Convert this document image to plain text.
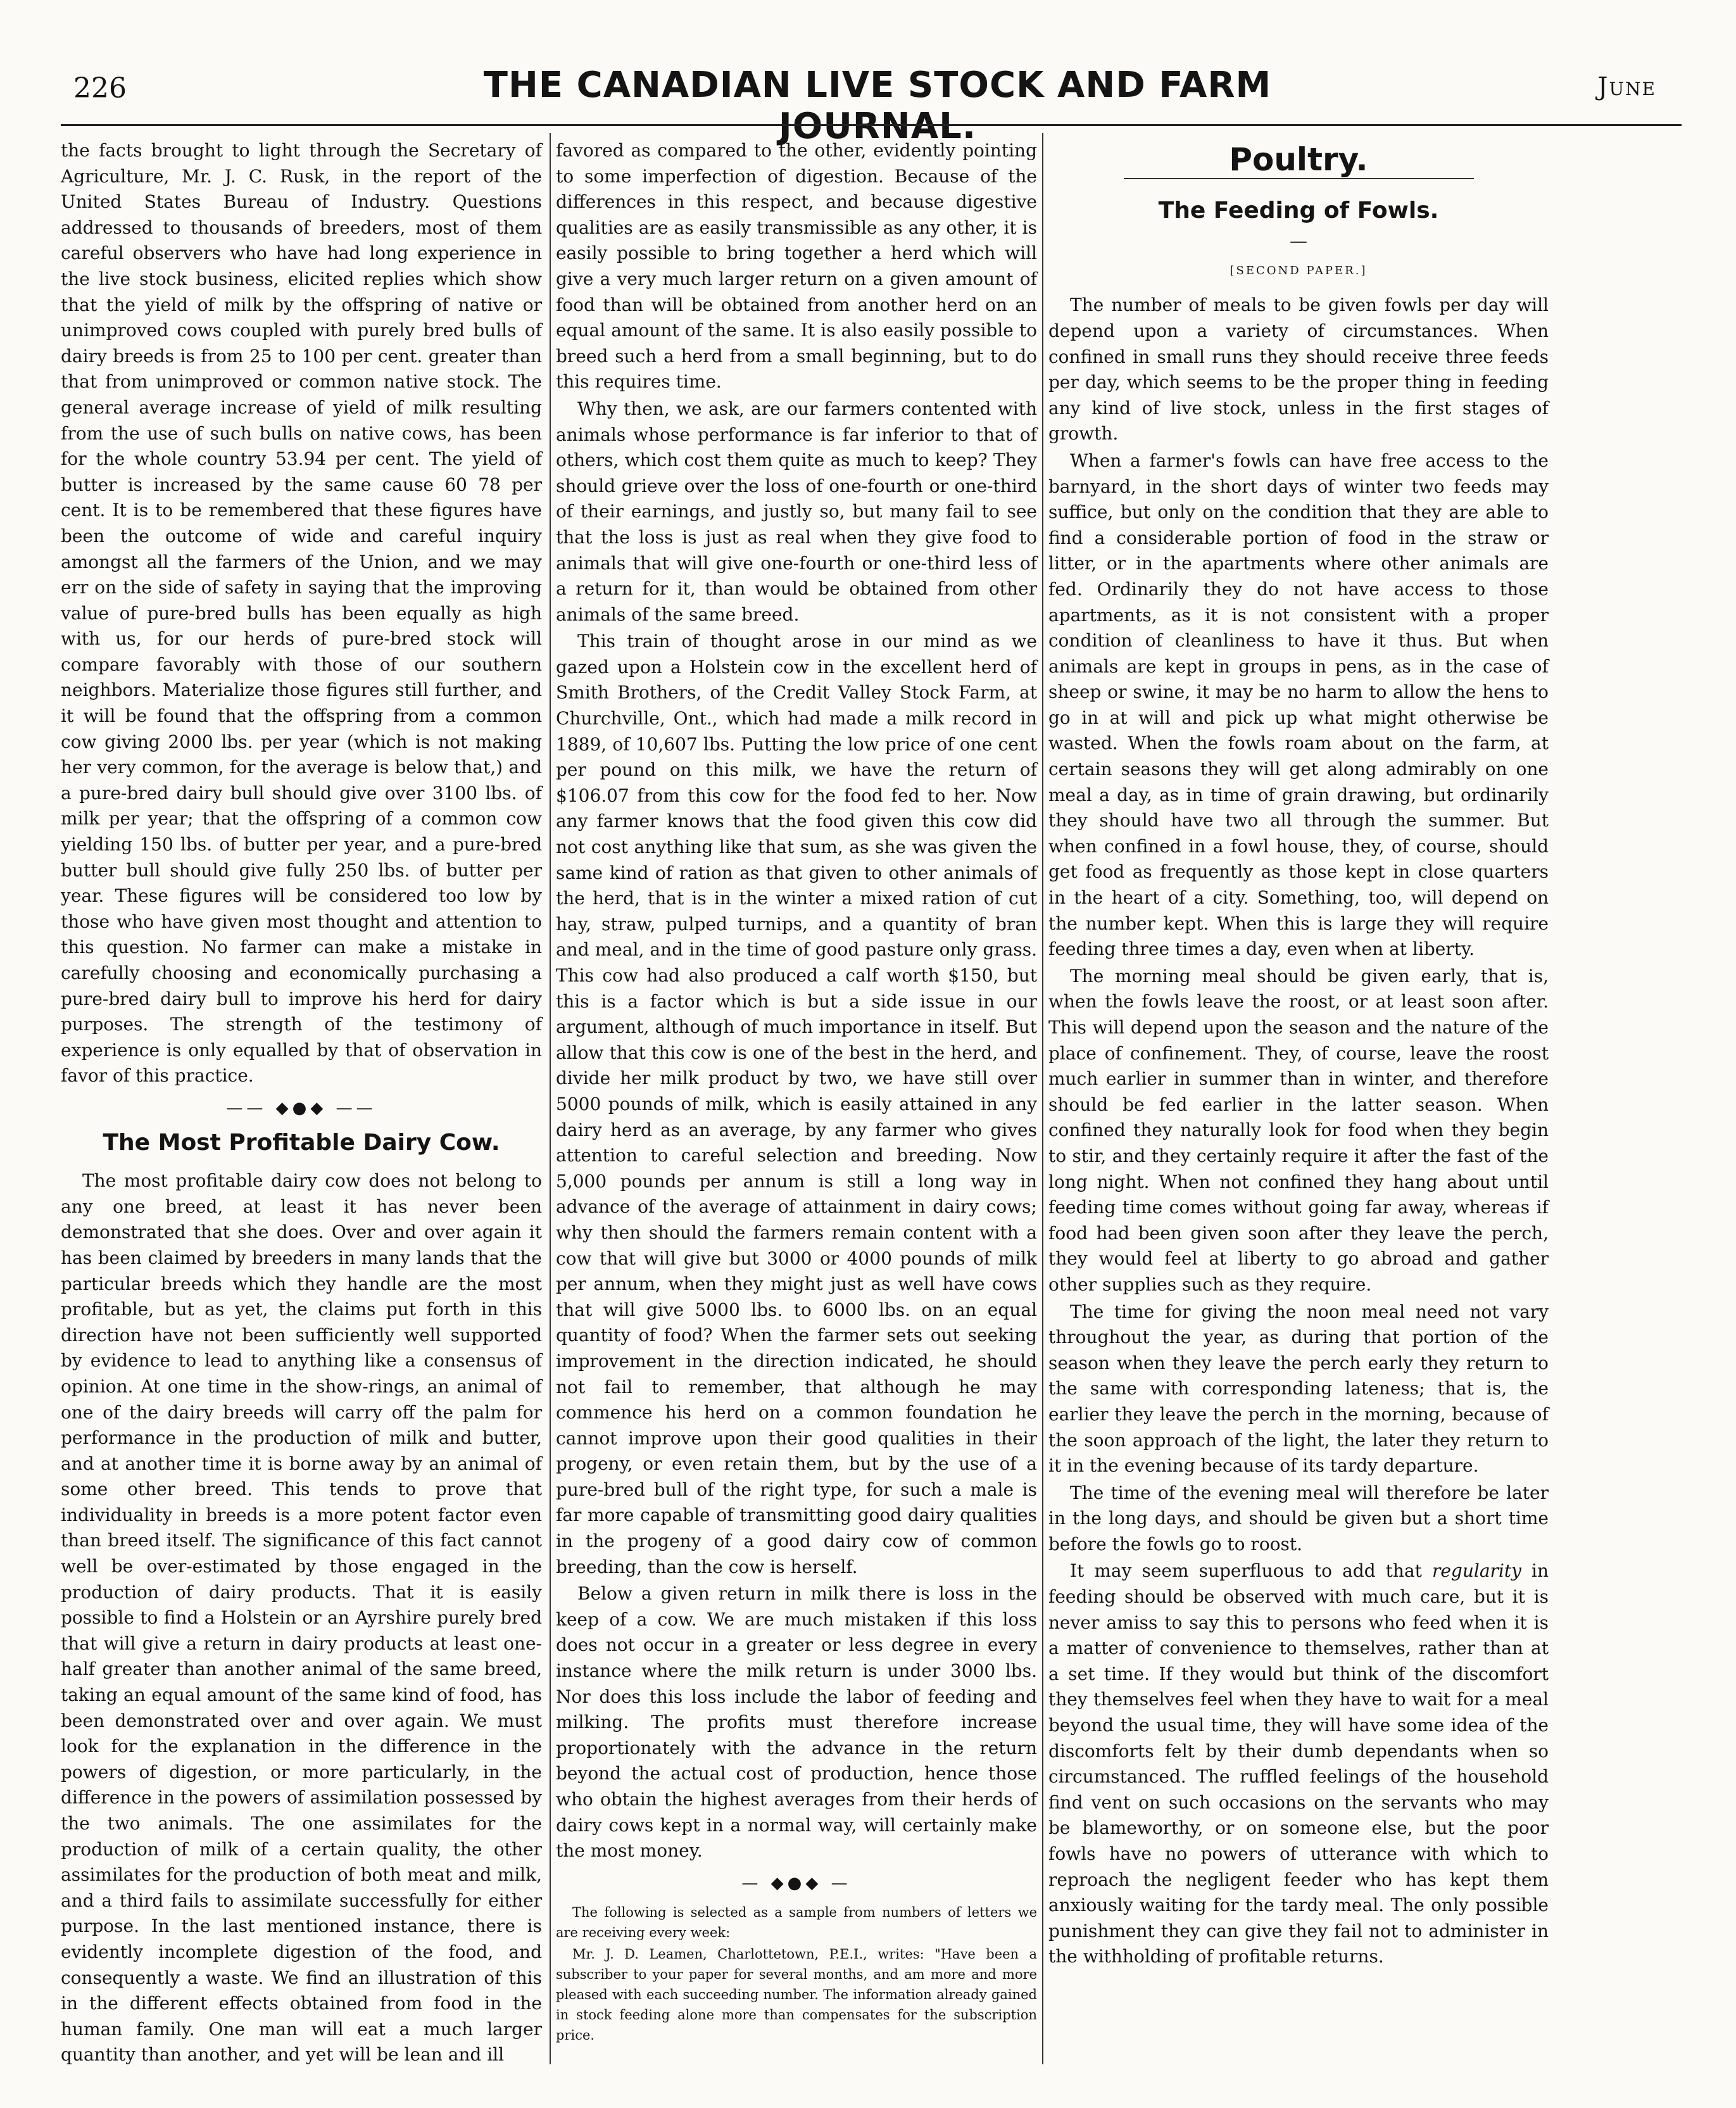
226	THE CANADIAN LIVE STOCK AND FARM JOURNAL.
June

the facts brought to light through the Secretary of Agriculture, Mr. J. C. Rusk, in the report of the United States Bureau of Industry. Questions addressed to thousands of breeders, most of them careful observers who have had long experience in the live stock business, elicited replies which show that the yield of milk by the offspring of native or unimproved cows coupled with purely bred bulls of dairy breeds is from 25 to 100 per cent. greater than that from unimproved or common native stock. The general average increase of yield of milk resulting from the use of such bulls on native cows, has been for the whole country 53.94 per cent. The yield of butter is increased by the same cause 60 78 per cent. It is to be remembered that these figures have been the outcome of wide and careful inquiry amongst all the farmers of the Union, and we may err on the side of safety in saying that the improving value of pure-bred bulls has been equally as high with us, for our herds of pure-bred stock will compare favorably with those of our southern neighbors. Materialize those figures still further, and it will be found that the offspring from a common cow giving 2000 lbs. per year (which is not making her very common, for the average is below that,) and a pure-bred dairy bull should give over 3100 lbs. of milk per year; that the offspring of a common cow yielding 150 lbs. of butter per year, and a pure-bred butter bull should give fully 250 lbs. of butter per year. These figures will be considered too low by those who have given most thought and attention to this question. No farmer can make a mistake in carefully choosing and economically purchasing a pure-bred dairy bull to improve his herd for dairy purposes. The strength of the testimony of experience is only equalled by that of observation in favor of this practice.

—— ◆●◆ ——
The Most Profitable Dairy Cow.

The most profitable dairy cow does not belong to any one breed, at least it has never been demonstrated that she does. Over and over again it has been claimed by breeders in many lands that the particular breeds which they handle are the most profitable, but as yet, the claims put forth in this direction have not been sufficiently well supported by evidence to lead to anything like a consensus of opinion. At one time in the show-rings, an animal of one of the dairy breeds will carry off the palm for performance in the production of milk and butter, and at another time it is borne away by an animal of some other breed. This tends to prove that individuality in breeds is a more potent factor even than breed itself. The significance of this fact cannot well be over-estimated by those engaged in the production of dairy products. That it is easily possible to find a Holstein or an Ayrshire purely bred that will give a return in dairy products at least one-half greater than another animal of the same breed, taking an equal amount of the same kind of food, has been demonstrated over and over again. We must look for the explanation in the difference in the powers of digestion, or more particularly, in the difference in the powers of assimilation possessed by the two animals. The one assimilates for the production of milk of a certain quality, the other assimilates for the production of both meat and milk, and a third fails to assimilate successfully for either purpose. In the last mentioned instance, there is evidently incomplete digestion of the food, and consequently a waste. We find an illustration of this in the different effects obtained from food in the human family. One man will eat a much larger quantity than another, and yet will be lean and ill

favored as compared to the other, evidently pointing to some imperfection of digestion. Because of the differences in this respect, and because digestive qualities are as easily transmissible as any other, it is easily possible to bring together a herd which will give a very much larger return on a given amount of food than will be obtained from another herd on an equal amount of the same. It is also easily possible to breed such a herd from a small beginning, but to do this requires time.

Why then, we ask, are our farmers contented with animals whose performance is far inferior to that of others, which cost them quite as much to keep? They should grieve over the loss of one-fourth or one-third of their earnings, and justly so, but many fail to see that the loss is just as real when they give food to animals that will give one-fourth or one-third less of a return for it, than would be obtained from other animals of the same breed.

This train of thought arose in our mind as we gazed upon a Holstein cow in the excellent herd of Smith Brothers, of the Credit Valley Stock Farm, at Churchville, Ont., which had made a milk record in 1889, of 10,607 lbs. Putting the low price of one cent per pound on this milk, we have the return of $106.07 from this cow for the food fed to her. Now any farmer knows that the food given this cow did not cost anything like that sum, as she was given the same kind of ration as that given to other animals of the herd, that is in the winter a mixed ration of cut hay, straw, pulped turnips, and a quantity of bran and meal, and in the time of good pasture only grass. This cow had also produced a calf worth $150, but this is a factor which is but a side issue in our argument, although of much importance in itself. But allow that this cow is one of the best in the herd, and divide her milk product by two, we have still over 5000 pounds of milk, which is easily attained in any dairy herd as an average, by any farmer who gives attention to careful selection and breeding. Now 5,000 pounds per annum is still a long way in advance of the average of attainment in dairy cows; why then should the farmers remain content with a cow that will give but 3000 or 4000 pounds of milk per annum, when they might just as well have cows that will give 5000 lbs. to 6000 lbs. on an equal quantity of food? When the farmer sets out seeking improvement in the direction indicated, he should not fail to remember, that although he may commence his herd on a common foundation he cannot improve upon their good qualities in their progeny, or even retain them, but by the use of a pure-bred bull of the right type, for such a male is far more capable of transmitting good dairy qualities in the progeny of a good dairy cow of common breeding, than the cow is herself.

Below a given return in milk there is loss in the keep of a cow. We are much mistaken if this loss does not occur in a greater or less degree in every instance where the milk return is under 3000 lbs. Nor does this loss include the labor of feeding and milking. The profits must therefore increase proportionately with the advance in the return beyond the actual cost of production, hence those who obtain the highest averages from their herds of dairy cows kept in a normal way, will certainly make the most money.

— ◆●◆ —

The following is selected as a sample from numbers of letters we are receiving every week:

Mr. J. D. Leamen, Charlottetown, P.E.I., writes: "Have been a subscriber to your paper for several months, and am more and more pleased with each succeeding number. The information already gained in stock feeding alone more than compensates for the subscription price.

Poultry.
The Feeding of Fowls.
—
[SECOND PAPER.]

The number of meals to be given fowls per day will depend upon a variety of circumstances. When confined in small runs they should receive three feeds per day, which seems to be the proper thing in feeding any kind of live stock, unless in the first stages of growth.

When a farmer's fowls can have free access to the barnyard, in the short days of winter two feeds may suffice, but only on the condition that they are able to find a considerable portion of food in the straw or litter, or in the apartments where other animals are fed. Ordinarily they do not have access to those apartments, as it is not consistent with a proper condition of cleanliness to have it thus. But when animals are kept in groups in pens, as in the case of sheep or swine, it may be no harm to allow the hens to go in at will and pick up what might otherwise be wasted. When the fowls roam about on the farm, at certain seasons they will get along admirably on one meal a day, as in time of grain drawing, but ordinarily they should have two all through the summer. But when confined in a fowl house, they, of course, should get food as frequently as those kept in close quarters in the heart of a city. Something, too, will depend on the number kept. When this is large they will require feeding three times a day, even when at liberty.

The morning meal should be given early, that is, when the fowls leave the roost, or at least soon after. This will depend upon the season and the nature of the place of confinement. They, of course, leave the roost much earlier in summer than in winter, and therefore should be fed earlier in the latter season. When confined they naturally look for food when they begin to stir, and they certainly require it after the fast of the long night. When not confined they hang about until feeding time comes without going far away, whereas if food had been given soon after they leave the perch, they would feel at liberty to go abroad and gather other supplies such as they require.

The time for giving the noon meal need not vary throughout the year, as during that portion of the season when they leave the perch early they return to the same with corresponding lateness; that is, the earlier they leave the perch in the morning, because of the soon approach of the light, the later they return to it in the evening because of its tardy departure.

The time of the evening meal will therefore be later in the long days, and should be given but a short time before the fowls go to roost.

It may seem superfluous to add that regularity in feeding should be observed with much care, but it is never amiss to say this to persons who feed when it is a matter of convenience to themselves, rather than at a set time. If they would but think of the discomfort they themselves feel when they have to wait for a meal beyond the usual time, they will have some idea of the discomforts felt by their dumb dependants when so circumstanced. The ruffled feelings of the household find vent on such occasions on the servants who may be blameworthy, or on someone else, but the poor fowls have no powers of utterance with which to reproach the negligent feeder who has kept them anxiously waiting for the tardy meal. The only possible punishment they can give they fail not to administer in the withholding of profitable returns.
